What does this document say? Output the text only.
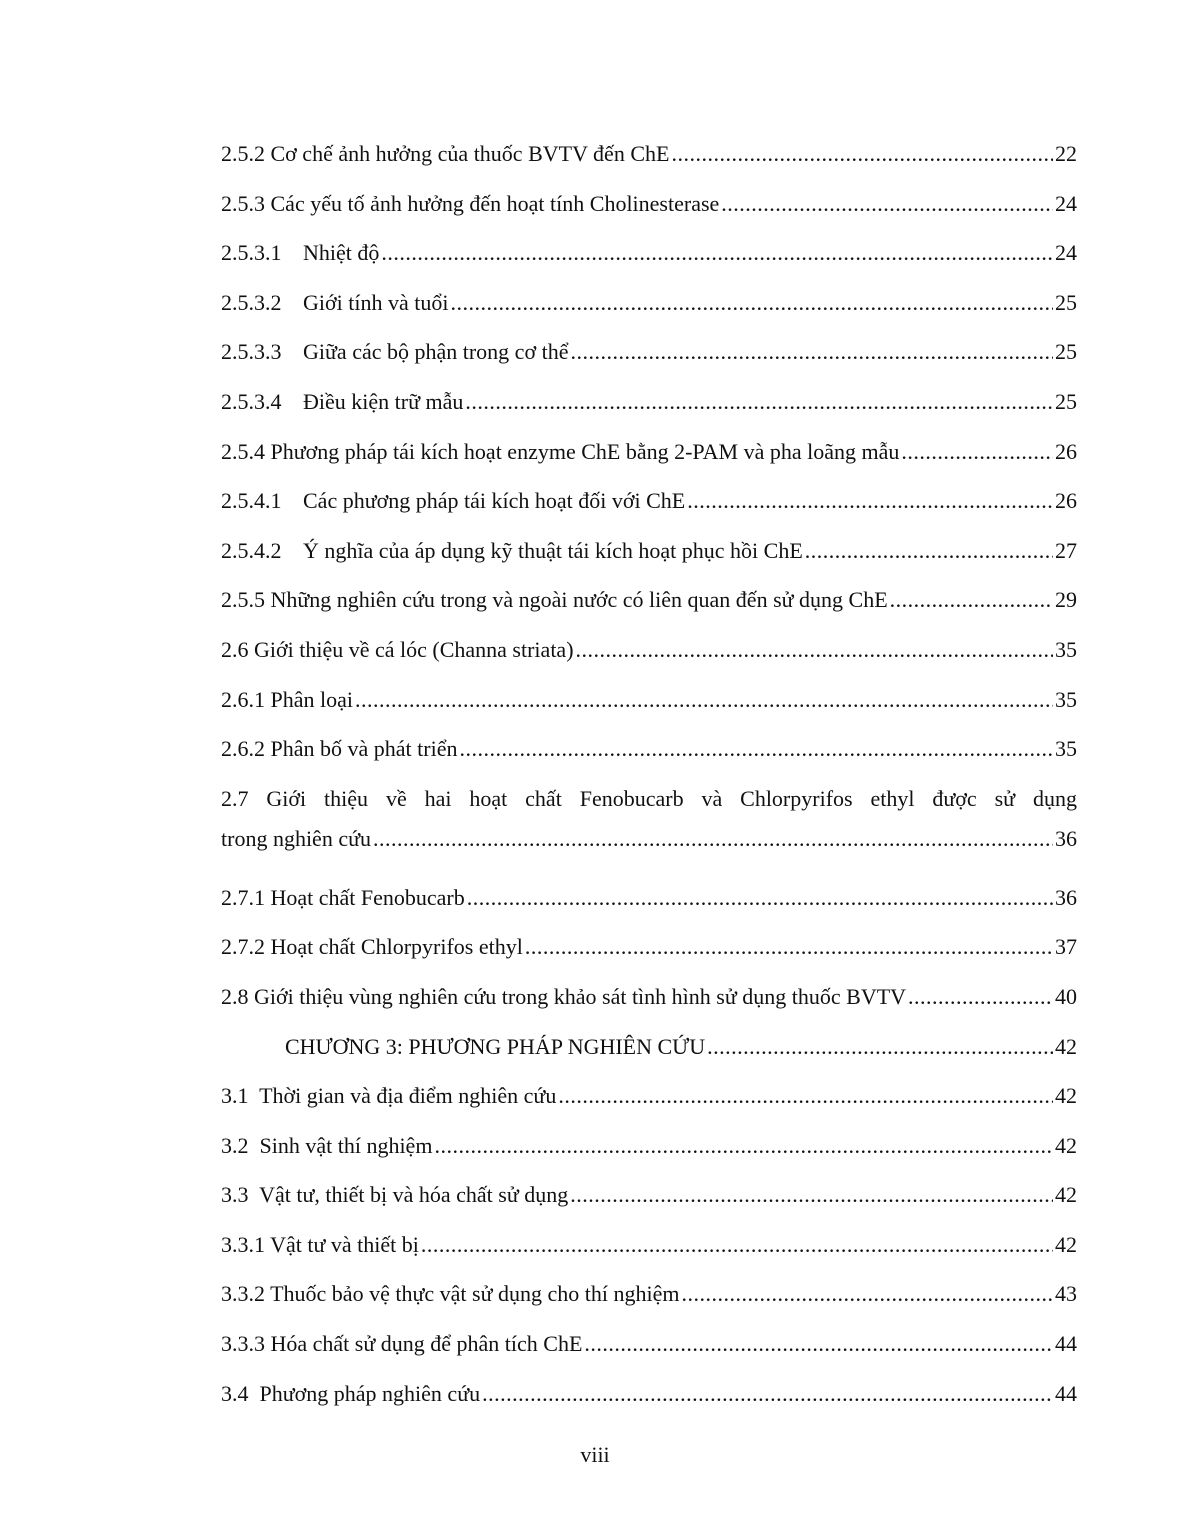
2.5.2 Cơ chế ảnh hưởng của thuốc BVTV đến ChE .....	22
2.5.3 Các yếu tố ảnh hưởng đến hoạt tính Cholinesterase .....	24
2.5.3.1 Nhiệt độ .....	24
2.5.3.2 Giới tính và tuổi .....	25
2.5.3.3 Giữa các bộ phận trong cơ thể .....	25
2.5.3.4 Điều kiện trữ mẫu .....	25
2.5.4 Phương pháp tái kích hoạt enzyme ChE bằng 2-PAM và pha loãng mẫu .....	26
2.5.4.1 Các phương pháp tái kích hoạt đối với ChE .....	26
2.5.4.2 Ý nghĩa của áp dụng kỹ thuật tái kích hoạt phục hồi ChE .....	27
2.5.5 Những nghiên cứu trong và ngoài nước có liên quan đến sử dụng ChE .....	29
2.6 Giới thiệu về cá lóc (Channa striata) .....	35
2.6.1 Phân loại .....	35
2.6.2 Phân bố và phát triển .....	35
2.7 Giới thiệu về hai hoạt chất Fenobucarb và Chlorpyrifos ethyl được sử dụng
trong nghiên cứu .....	36
2.7.1 Hoạt chất Fenobucarb .....	36
2.7.2 Hoạt chất Chlorpyrifos ethyl .....	37
2.8 Giới thiệu vùng nghiên cứu trong khảo sát tình hình sử dụng thuốc BVTV .....	40
CHƯƠNG 3: PHƯƠNG PHÁP NGHIÊN CỨU .....	42
3.1  Thời gian và địa điểm nghiên cứu .....	42
3.2  Sinh vật thí nghiệm .....	42
3.3  Vật tư, thiết bị và hóa chất sử dụng .....	42
3.3.1 Vật tư và thiết bị .....	42
3.3.2 Thuốc bảo vệ thực vật sử dụng cho thí nghiệm .....	43
3.3.3 Hóa chất sử dụng để phân tích ChE .....	44
3.4  Phương pháp nghiên cứu .....	44
viii
